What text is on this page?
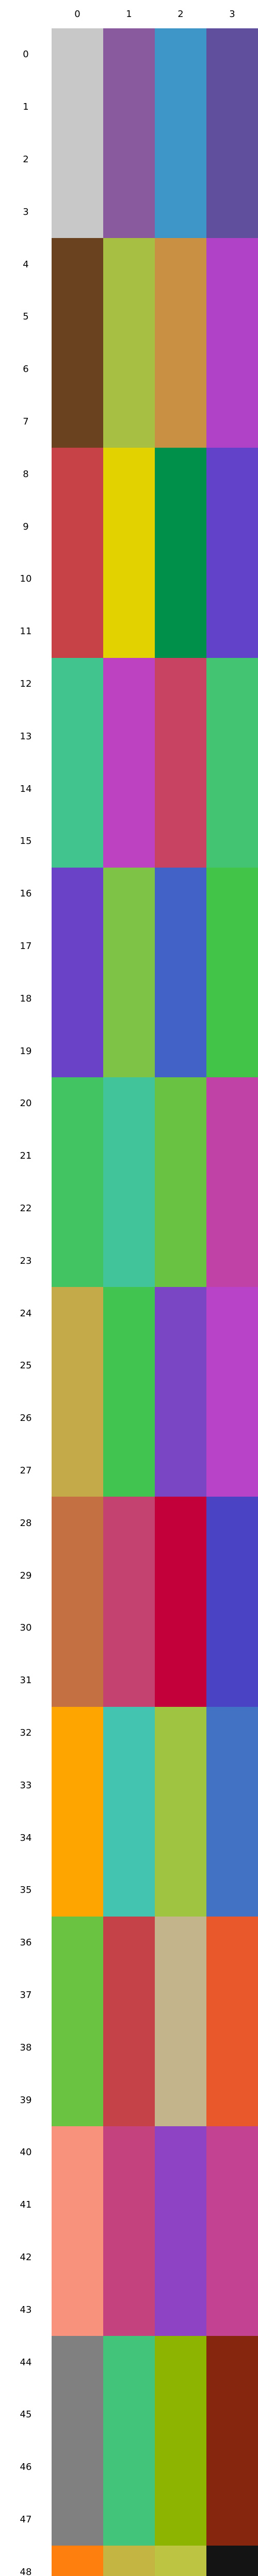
0	1	2	3
0
1
2
3
4
5
6
7
8
9
10
11
12
13
14
15
16
17
18
19
20
21
22
23
24
25
26
27
28
29
30
31
32
33
34
35
36
37
38
39
40
41
42
43
44
45
46
47
48
